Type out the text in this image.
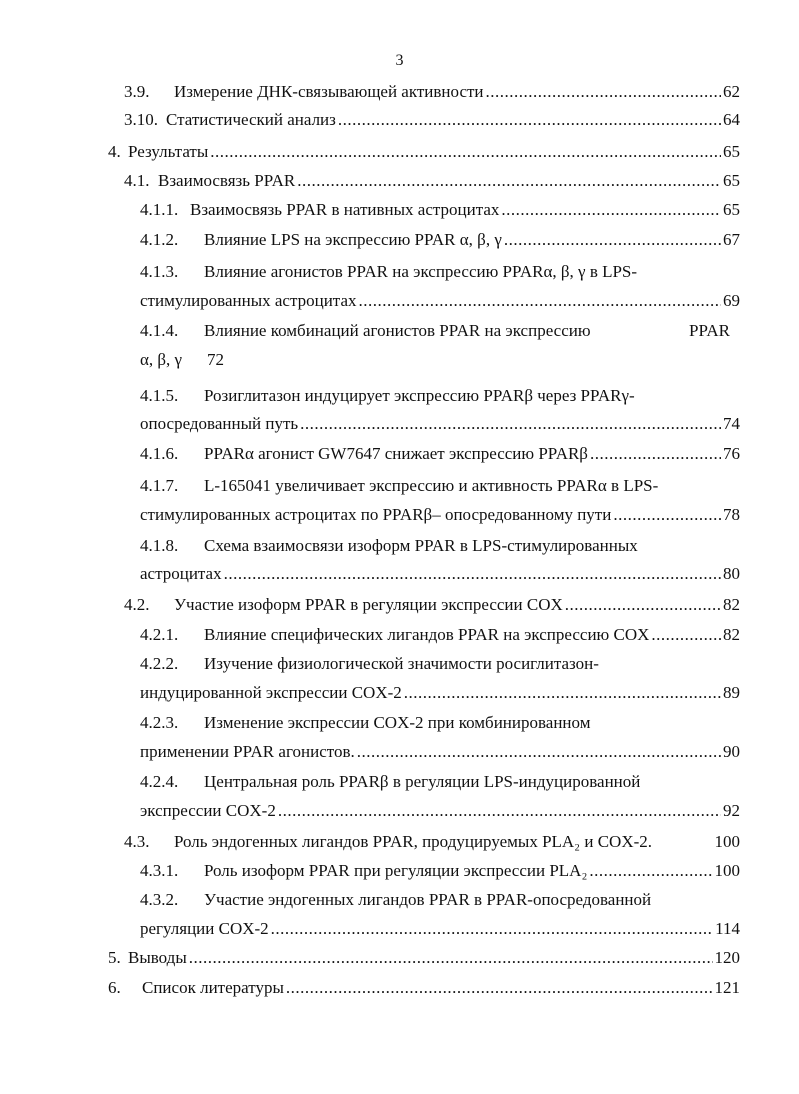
3
3.9.	Измерение ДНК-связывающей активности .....	62
3.10. Статистический анализ .....	64
4. Результаты .....	65
4.1. Взаимосвязь PPAR .....	65
4.1.1. Взаимосвязь PPAR в нативных астроцитах .....	65
4.1.2.	Влияние LPS на экспрессию PPAR α, β, γ .....	67
4.1.3.	Влияние агонистов PPAR на экспрессию PPARα, β, γ в LPS-
стимулированных астроцитах .....	69
4.1.4.	Влияние комбинаций агонистов PPAR на экспрессию	PPAR
α, β, γ	72
4.1.5.	Розиглитазон индуцирует экспрессию PPARβ через PPARγ-
опосредованный путь .....	74
4.1.6.	PPARα агонист GW7647 снижает экспрессию PPARβ .....	76
4.1.7.	L-165041 увеличивает экспрессию и активность PPARα в LPS-
стимулированных астроцитах по PPARβ– опосредованному пути .....	78
4.1.8.	Схема взаимосвязи изоформ PPAR в LPS-стимулированных
астроцитах .....	80
4.2.	Участие изоформ PPAR в регуляции экспрессии COX .....	82
4.2.1.	Влияние специфических лигандов PPAR на экспрессию COX .....	82
4.2.2.	Изучение физиологической значимости росиглитазон-
индуцированной экспрессии COX-2 .....	89
4.2.3.	Изменение экспрессии COX-2 при комбинированном
применении PPAR агонистов. .....	90
4.2.4.	Центральная роль PPARβ в регуляции LPS-индуцированной
экспрессии COX-2 .....	92
4.3.	Роль эндогенных лигандов PPAR, продуцируемых PLA₂ и COX-2.	100
4.3.1.	Роль изоформ PPAR при регуляции экспрессии PLA₂ .....	100
4.3.2.	Участие эндогенных лигандов PPAR в PPAR-опосредованной
регуляции COX-2 .....	114
5. Выводы .....	120
6.	Список литературы .....	121
